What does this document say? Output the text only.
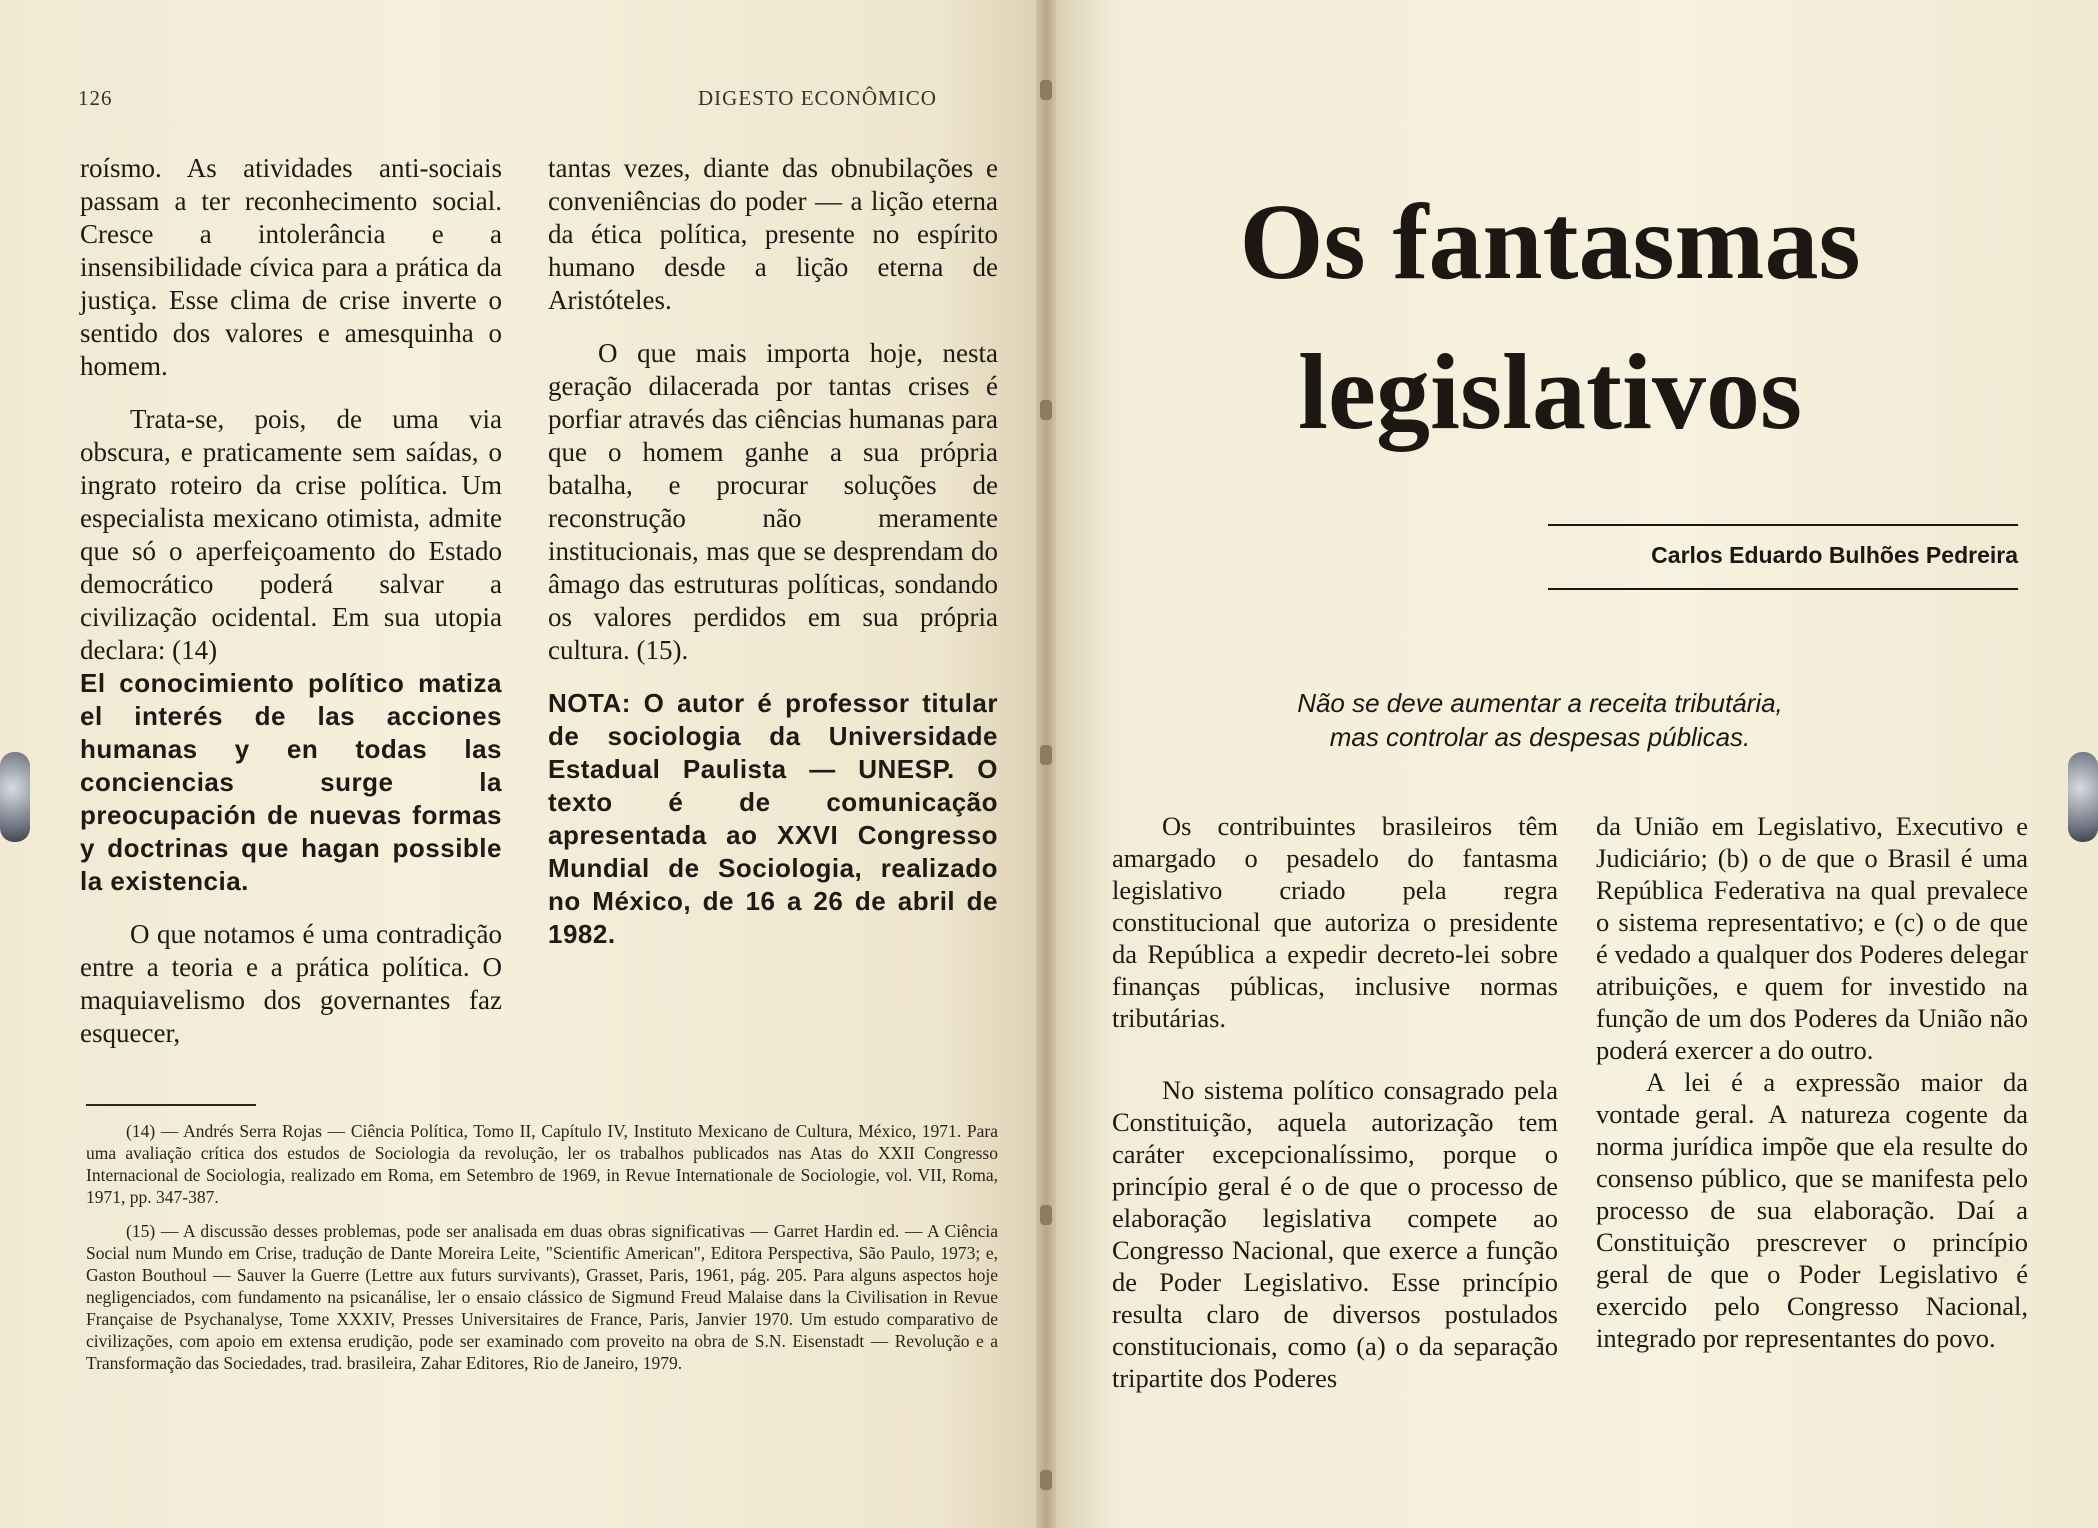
126	DIGESTO ECONÔMICO

roísmo. As atividades anti-sociais passam a ter reconhecimento social. Cresce a intolerância e a insensibilidade cívica para a prática da justiça. Esse clima de crise inverte o sentido dos valores e amesquinha o homem.

Trata-se, pois, de uma via obscura, e praticamente sem saídas, o ingrato roteiro da crise política. Um especialista mexicano otimista, admite que só o aperfeiçoamento do Estado democrático poderá salvar a civilização ocidental. Em sua utopia declara: (14)

El conocimiento político matiza el interés de las acciones humanas y en todas las conciencias surge la preocupación de nuevas formas y doctrinas que hagan possible la existencia.

O que notamos é uma contradição entre a teoria e a prática política. O maquiavelismo dos governantes faz esquecer,

tantas vezes, diante das obnubilações e conveniências do poder — a lição eterna da ética política, presente no espírito humano desde a lição eterna de Aristóteles.

O que mais importa hoje, nesta geração dilacerada por tantas crises é porfiar através das ciências humanas para que o homem ganhe a sua própria batalha, e procurar soluções de reconstrução não meramente institucionais, mas que se desprendam do âmago das estruturas políticas, sondando os valores perdidos em sua própria cultura. (15).

NOTA: O autor é professor titular de sociologia da Universidade Estadual Paulista — UNESP. O texto é de comunicação apresentada ao XXVI Congresso Mundial de Sociologia, realizado no México, de 16 a 26 de abril de 1982.

(14) — Andrés Serra Rojas — Ciência Política, Tomo II, Capítulo IV, Instituto Mexicano de Cultura, México, 1971. Para uma avaliação crítica dos estudos de Sociologia da revolução, ler os trabalhos publicados nas Atas do XXII Congresso Internacional de Sociologia, realizado em Roma, em Setembro de 1969, in Revue Internationale de Sociologie, vol. VII, Roma, 1971, pp. 347-387.

(15) — A discussão desses problemas, pode ser analisada em duas obras significativas — Garret Hardin ed. — A Ciência Social num Mundo em Crise, tradução de Dante Moreira Leite, "Scientific American", Editora Perspectiva, São Paulo, 1973; e, Gaston Bouthoul — Sauver la Guerre (Lettre aux futurs survivants), Grasset, Paris, 1961, pág. 205. Para alguns aspectos hoje negligenciados, com fundamento na psicanálise, ler o ensaio clássico de Sigmund Freud Malaise dans la Civilisation in Revue Française de Psychanalyse, Tome XXXIV, Presses Universitaires de France, Paris, Janvier 1970. Um estudo comparativo de civilizações, com apoio em extensa erudição, pode ser examinado com proveito na obra de S.N. Eisenstadt — Revolução e a Transformação das Sociedades, trad. brasileira, Zahar Editores, Rio de Janeiro, 1979.

Os fantasmas
legislativos
Carlos Eduardo Bulhões Pedreira
Não se deve aumentar a receita tributária,
mas controlar as despesas públicas.

Os contribuintes brasileiros têm amargado o pesadelo do fantasma legislativo criado pela regra constitucional que autoriza o presidente da República a expedir decreto-lei sobre finanças públicas, inclusive normas tributárias.

No sistema político consagrado pela Constituição, aquela autorização tem caráter excepcionalíssimo, porque o princípio geral é o de que o processo de elaboração legislativa compete ao Congresso Nacional, que exerce a função de Poder Legislativo. Esse princípio resulta claro de diversos postulados constitucionais, como (a) o da separação tripartite dos Poderes

da União em Legislativo, Executivo e Judiciário; (b) o de que o Brasil é uma República Federativa na qual prevalece o sistema representativo; e (c) o de que é vedado a qualquer dos Poderes delegar atribuições, e quem for investido na função de um dos Poderes da União não poderá exercer a do outro.

A lei é a expressão maior da vontade geral. A natureza cogente da norma jurídica impõe que ela resulte do consenso público, que se manifesta pelo processo de sua elaboração. Daí a Constituição prescrever o princípio geral de que o Poder Legislativo é exercido pelo Congresso Nacional, integrado por representantes do povo.
